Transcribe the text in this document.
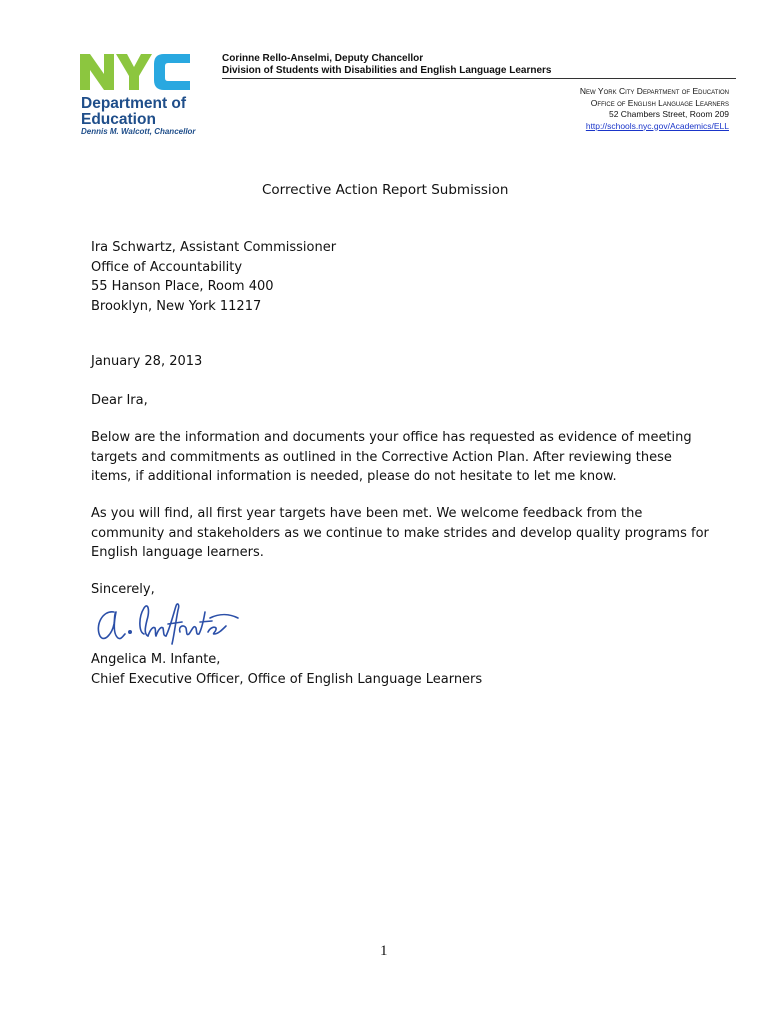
Department of
Education
Dennis M. Walcott, Chancellor
Corinne Rello-Anselmi, Deputy Chancellor
Division of Students with Disabilities and English Language Learners
New York City Department of Education
Office of English Language Learners
52 Chambers Street, Room 209
http://schools.nyc.gov/Academics/ELL
Corrective Action Report Submission
Ira Schwartz, Assistant Commissioner
Office of Accountability
55 Hanson Place, Room 400
Brooklyn, New York 11217
January 28, 2013
Dear Ira,
Below are the information and documents your office has requested as evidence of meeting
targets and commitments as outlined in the Corrective Action Plan. After reviewing these
items, if additional information is needed, please do not hesitate to let me know.
As you will find, all first year targets have been met. We welcome feedback from the
community and stakeholders as we continue to make strides and develop quality programs for
English language learners.
Sincerely,
Angelica M. Infante,
Chief Executive Officer, Office of English Language Learners
1
